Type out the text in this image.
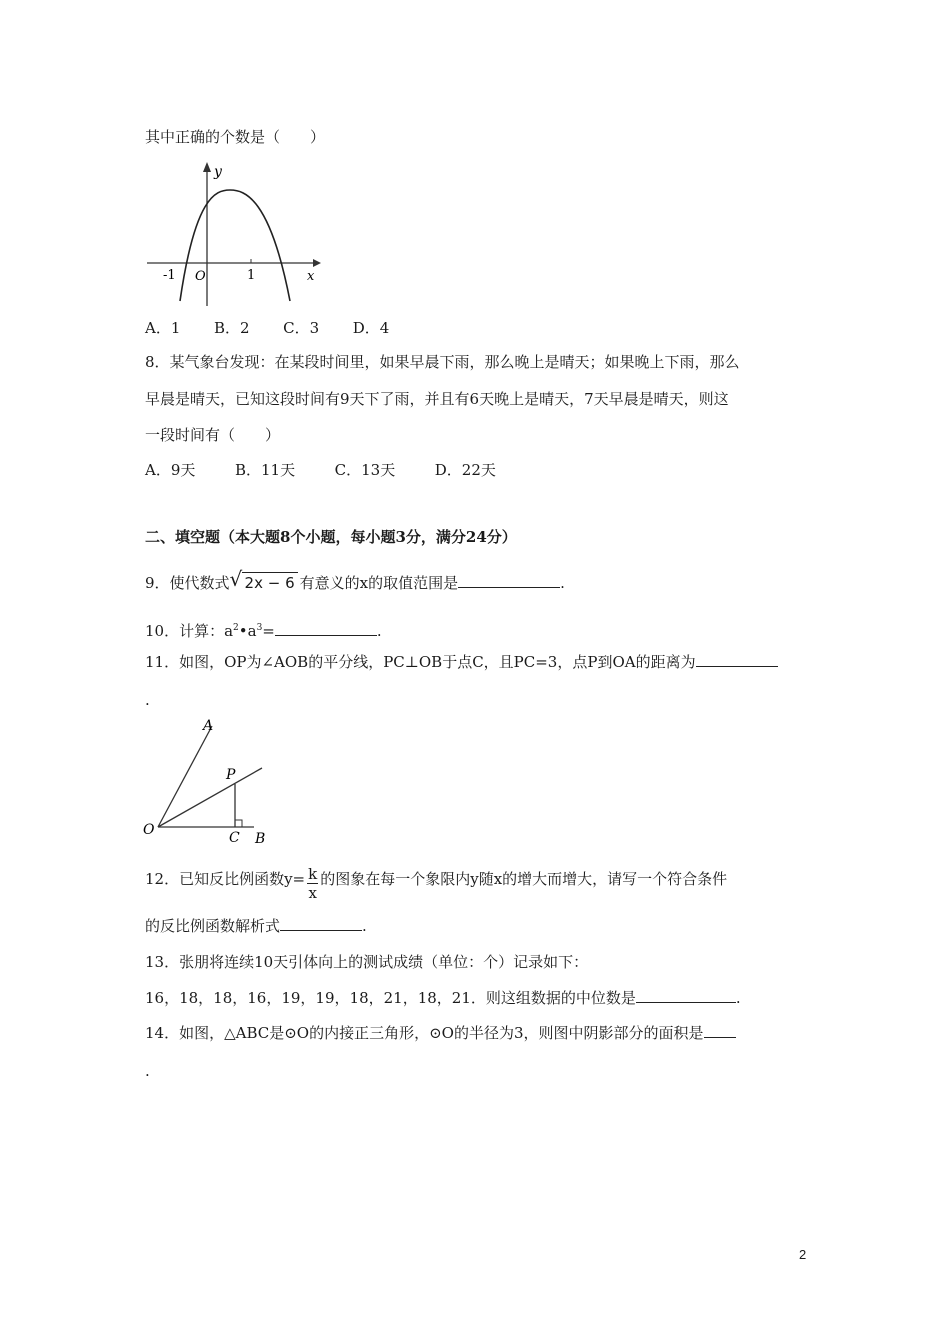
其中正确的个数是（　　）
y
x
O
-1	1
A．1 B．2 C．3 D．4
8．某气象台发现：在某段时间里，如果早晨下雨，那么晚上是晴天；如果晚上下雨，那么
早晨是晴天，已知这段时间有9天下了雨，并且有6天晚上是晴天，7天早晨是晴天，则这
一段时间有（　　）
A．9天	B．11天	C．13天	D．22天
二、填空题（本大题8个小题，每小题3分，满分24分）
9．使代数式 √ 2x − 6 有意义的x的取值范围是	.
10．计算：$a^2•a^3=$	.
11．如图，OP为∠AOB的平分线，PC⊥OB于点C，且PC=3，点P到OA的距离为
.
A
P
O	C B
12．已知反比例函数$y= \frac{k}{x}$ 的图象在每一个象限内y随x的增大而增大，请写一个符合条件
的反比例函数解析式	.
13．张朋将连续10天引体向上的测试成绩（单位：个）记录如下：
16，18，18，16，19，19，18，21，18，21．则这组数据的中位数是	.
14．如图，△ABC是⊙O的内接正三角形，⊙O的半径为3，则图中阴影部分的面积是
.
2
